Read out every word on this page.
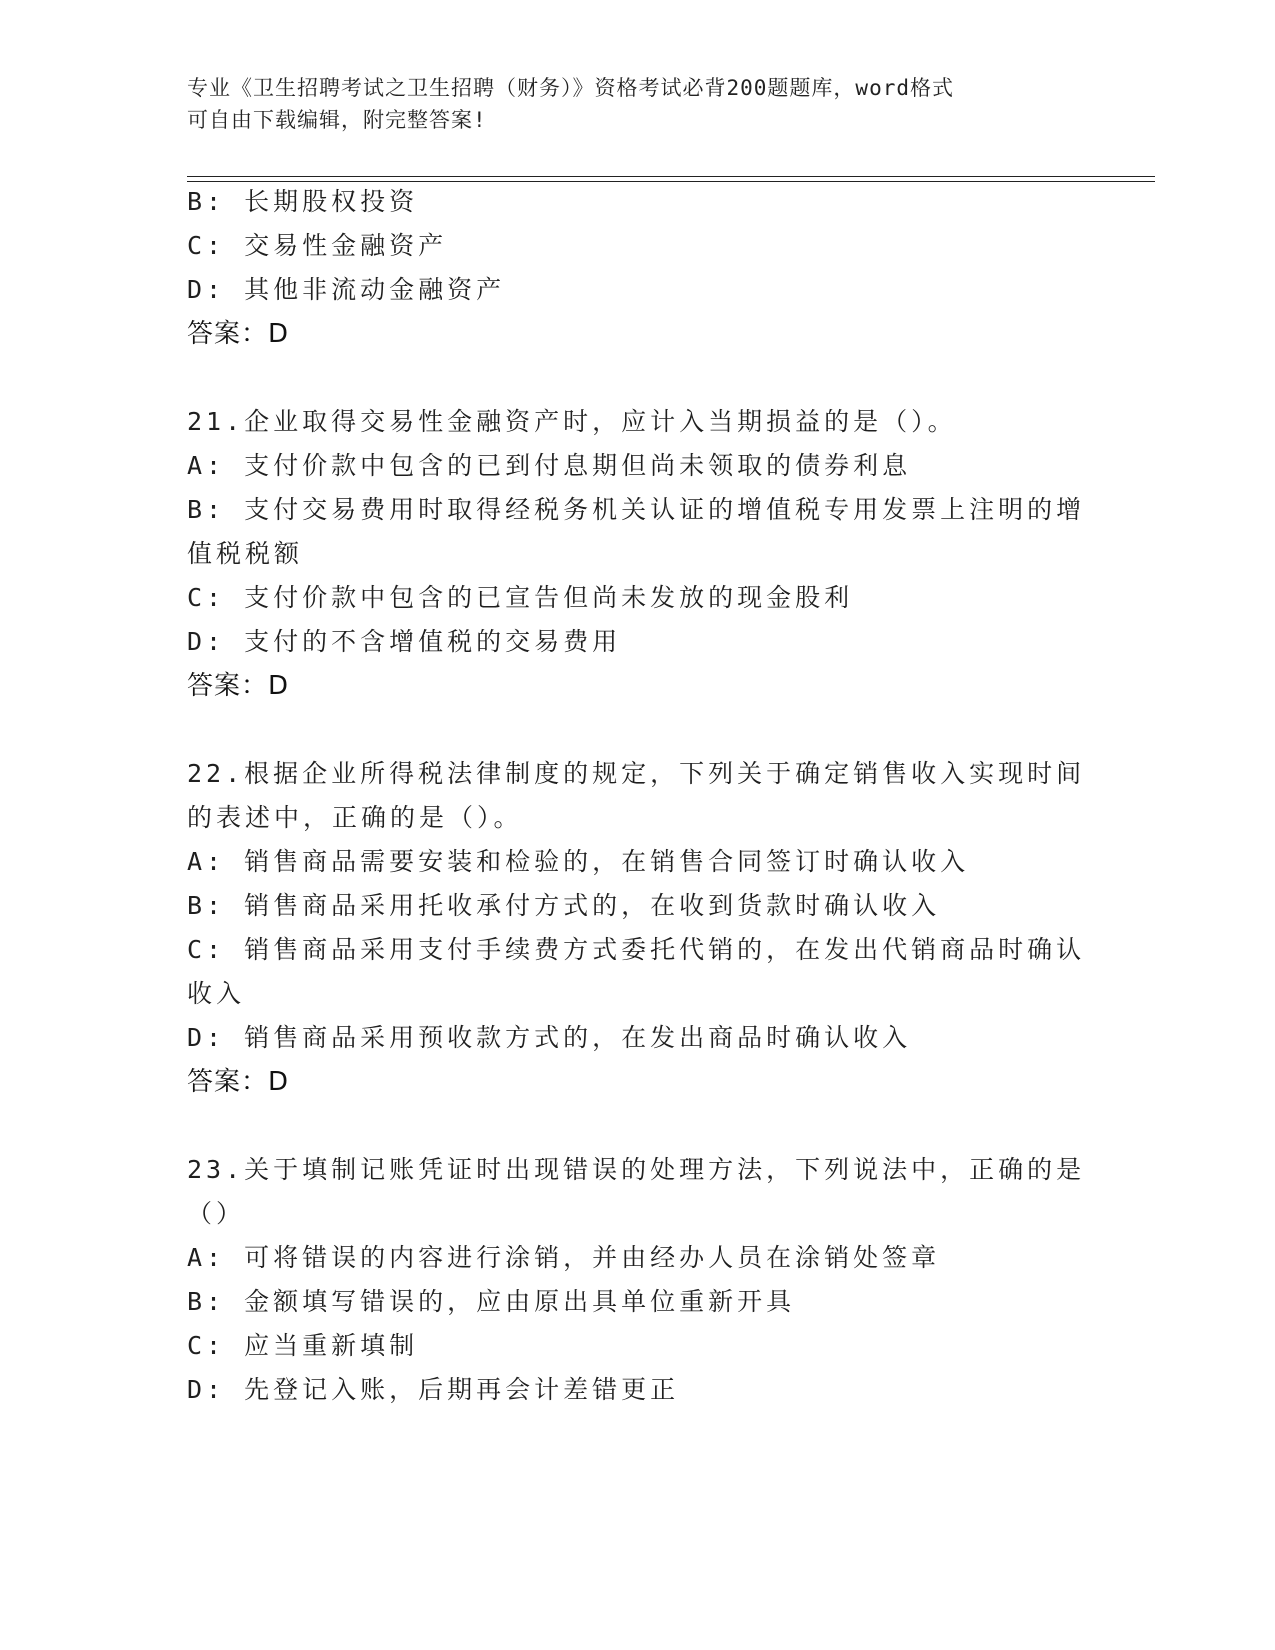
专业《卫生招聘考试之卫生招聘（财务）》资格考试必背200题题库，word格式
可自由下载编辑，附完整答案!
B: 长期股权投资
C: 交易性金融资产
D: 其他非流动金融资产
答案：D
21.企业取得交易性金融资产时，应计入当期损益的是（）。
A: 支付价款中包含的已到付息期但尚未领取的债券利息
B: 支付交易费用时取得经税务机关认证的增值税专用发票上注明的增
值税税额
C: 支付价款中包含的已宣告但尚未发放的现金股利
D: 支付的不含增值税的交易费用
答案：D
22.根据企业所得税法律制度的规定，下列关于确定销售收入实现时间
的表述中，正确的是（）。
A: 销售商品需要安装和检验的，在销售合同签订时确认收入
B: 销售商品采用托收承付方式的，在收到货款时确认收入
C: 销售商品采用支付手续费方式委托代销的，在发出代销商品时确认
收入
D: 销售商品采用预收款方式的，在发出商品时确认收入
答案：D
23.关于填制记账凭证时出现错误的处理方法，下列说法中，正确的是
（）
A: 可将错误的内容进行涂销，并由经办人员在涂销处签章
B: 金额填写错误的，应由原出具单位重新开具
C: 应当重新填制
D: 先登记入账，后期再会计差错更正
